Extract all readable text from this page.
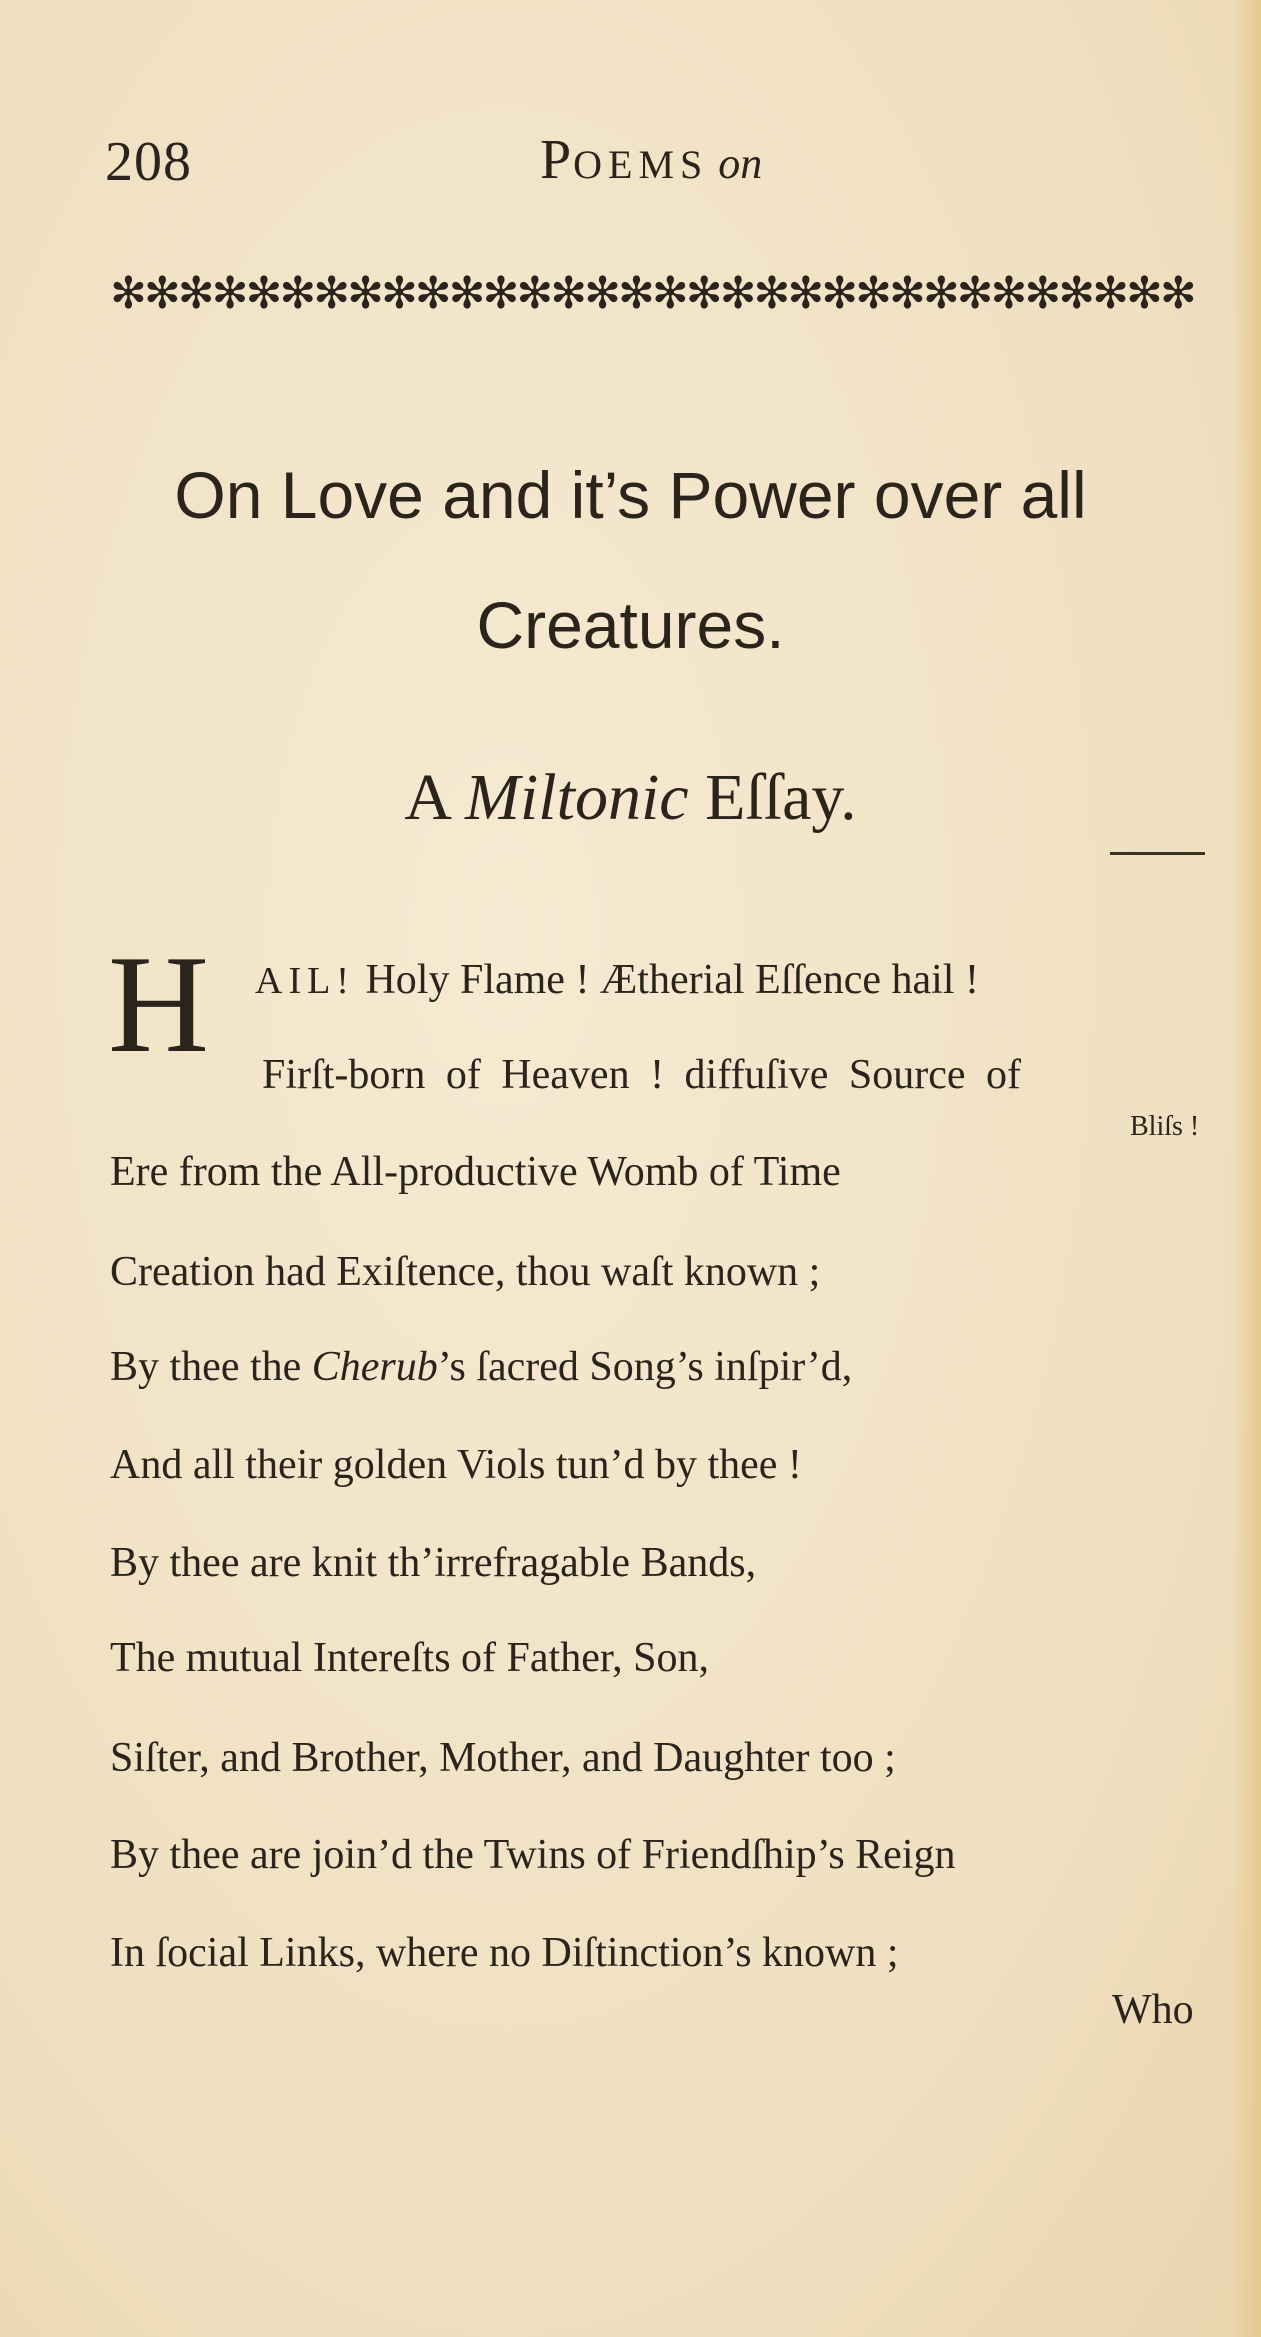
208	POEMS on
✻✻✻✻✻✻✻✻✻✻✻✻✻✻✻✻✻✻✻✻✻✻✻✻✻✻✻✻✻✻✻✻
On Love and it’s Power over all
Creatures.
A Miltonic Eſſay.
H AIL! Holy Flame ! Ætherial Eſſence hail !
Firſt-born of Heaven ! diffuſive Source of
Bliſs !
Ere from the All-productive Womb of Time
Creation had Exiſtence, thou waſt known ;
By thee the Cherub’s ſacred Song’s inſpir’d,
And all their golden Viols tun’d by thee !
By thee are knit th’irrefragable Bands,
The mutual Intereſts of Father, Son,
Siſter, and Brother, Mother, and Daughter too ;
By thee are join’d the Twins of Friendſhip’s Reign
In ſocial Links, where no Diſtinction’s known ;
Who
